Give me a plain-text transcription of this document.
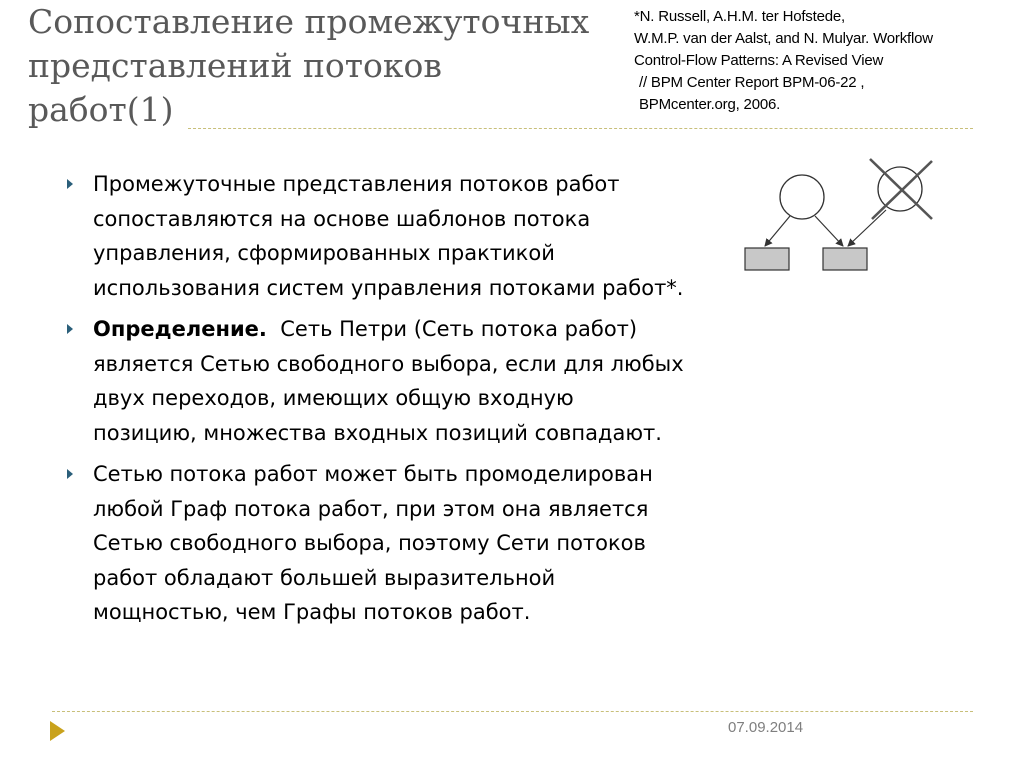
Сопоставление промежуточных
представлений потоков
работ(1)
*N. Russell, A.H.M. ter Hofstede,
W.M.P. van der Aalst, and N. Mulyar. Workflow
Control-Flow Patterns: A Revised View
// BPM Center Report BPM-06-22 ,
BPMcenter.org, 2006.
Промежуточные представления потоков работ
сопоставляются на основе шаблонов потока
управления, сформированных практикой
использования систем управления потоками работ*.
Определение.  Сеть Петри (Сеть потока работ)
является Сетью свободного выбора, если для любых
двух переходов, имеющих общую входную
позицию, множества входных позиций совпадают.
Сетью потока работ может быть промоделирован
любой Граф потока работ, при этом она является
Сетью свободного выбора, поэтому Сети потоков
работ обладают большей выразительной
мощностью, чем Графы потоков работ.
07.09.2014
